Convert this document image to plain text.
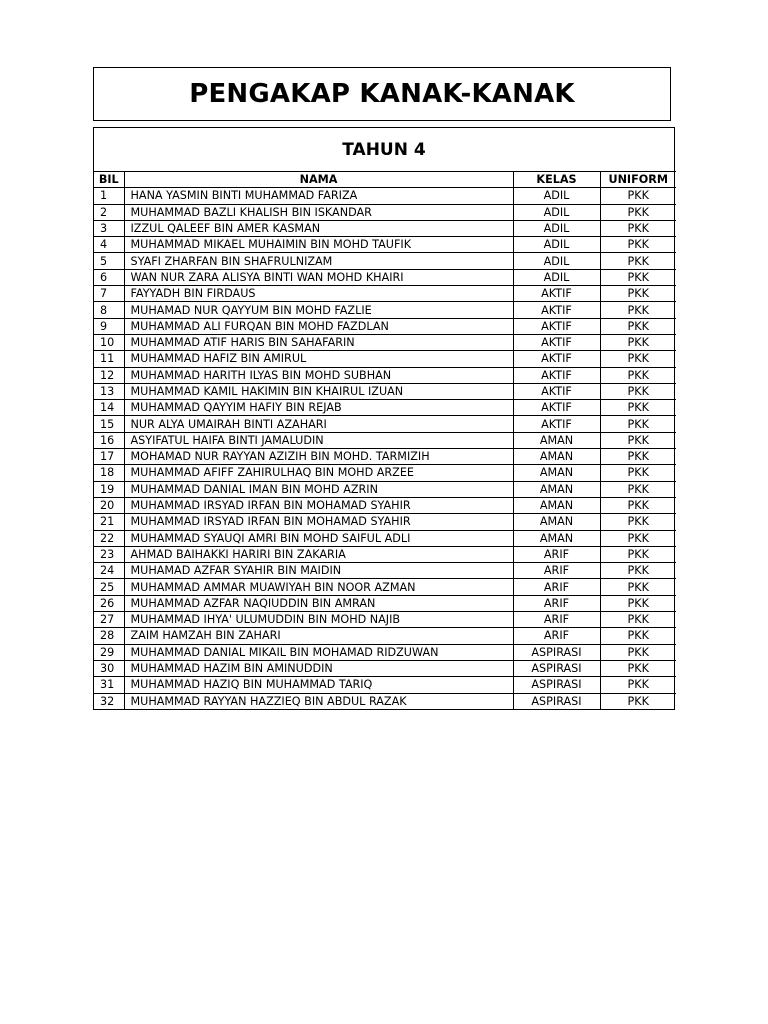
PENGAKAP KANAK-KANAK
TAHUN 4
BIL	NAMA	KELAS	UNIFORM
1	HANA YASMIN BINTI MUHAMMAD FARIZA	ADIL	PKK
2	MUHAMMAD BAZLI KHALISH BIN ISKANDAR	ADIL	PKK
3	IZZUL QALEEF BIN AMER KASMAN	ADIL	PKK
4	MUHAMMAD MIKAEL MUHAIMIN BIN MOHD TAUFIK	ADIL	PKK
5	SYAFI ZHARFAN BIN SHAFRULNIZAM	ADIL	PKK
6	WAN NUR ZARA ALISYA BINTI WAN MOHD KHAIRI	ADIL	PKK
7	FAYYADH BIN FIRDAUS	AKTIF	PKK
8	MUHAMAD NUR QAYYUM BIN MOHD FAZLIE	AKTIF	PKK
9	MUHAMMAD ALI FURQAN BIN MOHD FAZDLAN	AKTIF	PKK
10	MUHAMMAD ATIF HARIS BIN SAHAFARIN	AKTIF	PKK
11	MUHAMMAD HAFIZ BIN AMIRUL	AKTIF	PKK
12	MUHAMMAD HARITH ILYAS BIN MOHD SUBHAN	AKTIF	PKK
13	MUHAMMAD KAMIL HAKIMIN BIN KHAIRUL IZUAN	AKTIF	PKK
14	MUHAMMAD QAYYIM HAFIY BIN REJAB	AKTIF	PKK
15	NUR ALYA UMAIRAH BINTI AZAHARI	AKTIF	PKK
16	ASYIFATUL HAIFA BINTI JAMALUDIN	AMAN	PKK
17	MOHAMAD NUR RAYYAN AZIZIH BIN MOHD. TARMIZIH	AMAN	PKK
18	MUHAMMAD AFIFF ZAHIRULHAQ BIN MOHD ARZEE	AMAN	PKK
19	MUHAMMAD DANIAL IMAN BIN MOHD AZRIN	AMAN	PKK
20	MUHAMMAD IRSYAD IRFAN BIN MOHAMAD SYAHIR	AMAN	PKK
21	MUHAMMAD IRSYAD IRFAN BIN MOHAMAD SYAHIR	AMAN	PKK
22	MUHAMMAD SYAUQI AMRI BIN MOHD SAIFUL ADLI	AMAN	PKK
23	AHMAD BAIHAKKI HARIRI BIN ZAKARIA	ARIF	PKK
24	MUHAMAD AZFAR SYAHIR BIN MAIDIN	ARIF	PKK
25	MUHAMMAD AMMAR MUAWIYAH BIN NOOR AZMAN	ARIF	PKK
26	MUHAMMAD AZFAR NAQIUDDIN BIN AMRAN	ARIF	PKK
27	MUHAMMAD IHYA' ULUMUDDIN BIN MOHD NAJIB	ARIF	PKK
28	ZAIM HAMZAH BIN ZAHARI	ARIF	PKK
29	MUHAMMAD DANIAL MIKAIL BIN MOHAMAD RIDZUWAN	ASPIRASI	PKK
30	MUHAMMAD HAZIM BIN AMINUDDIN	ASPIRASI	PKK
31	MUHAMMAD HAZIQ BIN MUHAMMAD TARIQ	ASPIRASI	PKK
32	MUHAMMAD RAYYAN HAZZIEQ BIN ABDUL RAZAK	ASPIRASI	PKK
